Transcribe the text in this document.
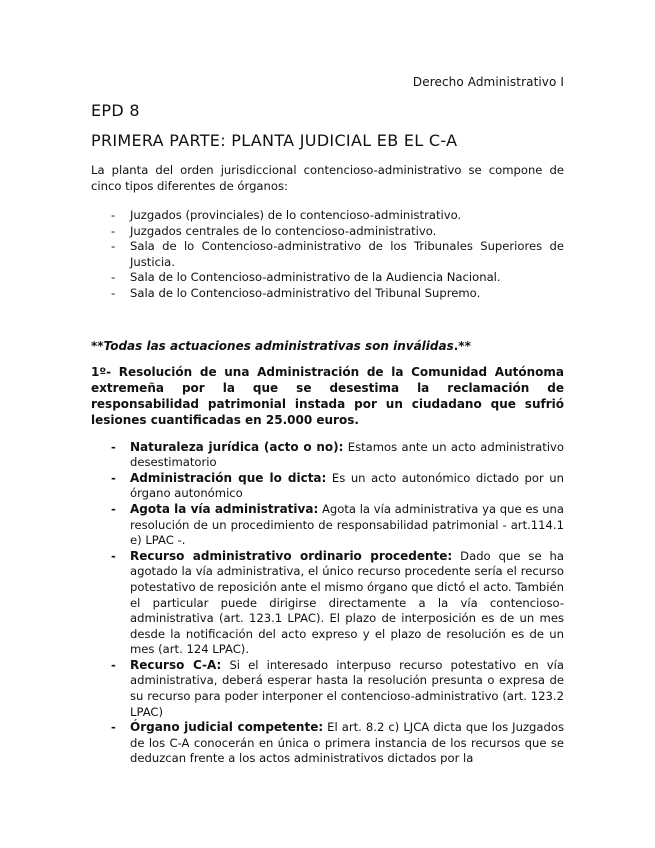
Derecho Administrativo I
EPD 8
PRIMERA PARTE: PLANTA JUDICIAL EB EL C-A

La planta del orden jurisdiccional contencioso-administrativo se compone de cinco tipos diferentes de órganos:

- Juzgados (provinciales) de lo contencioso-administrativo.
- Juzgados centrales de lo contencioso-administrativo.
- Sala de lo Contencioso-administrativo de los Tribunales Superiores de Justicia.
- Sala de lo Contencioso-administrativo de la Audiencia Nacional.
- Sala de lo Contencioso-administrativo del Tribunal Supremo.

**Todas las actuaciones administrativas son inválidas.**

1º- Resolución de una Administración de la Comunidad Autónoma extremeña por la que se desestima la reclamación de responsabilidad patrimonial instada por un ciudadano que sufrió lesiones cuantificadas en 25.000 euros.

- Naturaleza jurídica (acto o no): Estamos ante un acto administrativo desestimatorio
- Administración que lo dicta: Es un acto autonómico dictado por un órgano autonómico
- Agota la vía administrativa: Agota la vía administrativa ya que es una resolución de un procedimiento de responsabilidad patrimonial - art.114.1 e) LPAC -.
- Recurso administrativo ordinario procedente: Dado que se ha agotado la vía administrativa, el único recurso procedente sería el recurso potestativo de reposición ante el mismo órgano que dictó el acto. También el particular puede dirigirse directamente a la vía contencioso-administrativa (art. 123.1 LPAC). El plazo de interposición es de un mes desde la notificación del acto expreso y el plazo de resolución es de un mes (art. 124 LPAC).
- Recurso C-A: Si el interesado interpuso recurso potestativo en vía administrativa, deberá esperar hasta la resolución presunta o expresa de su recurso para poder interponer el contencioso-administrativo (art. 123.2 LPAC)
- Órgano judicial competente: El art. 8.2 c) LJCA dicta que los Juzgados de los C-A conocerán en única o primera instancia de los recursos que se deduzcan frente a los actos administrativos dictados por la
